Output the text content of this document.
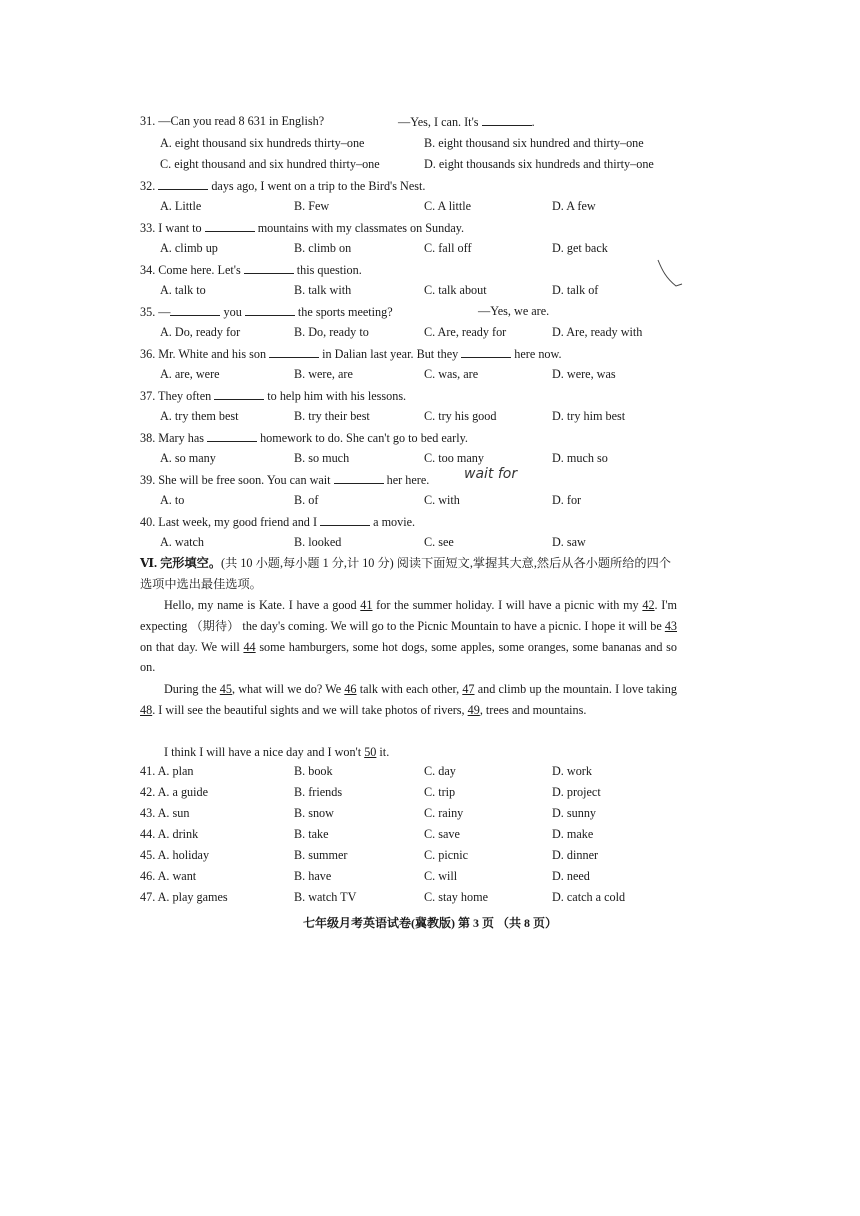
31. —Can you read 8 631 in English?	—Yes, I can. It's	.
A. eight thousand six hundreds thirty–one	B. eight thousand six hundred and thirty–one
C. eight thousand and six hundred thirty–one	D. eight thousands six hundreds and thirty–one
32.	days ago, I went on a trip to the Bird's Nest.
A. Little	B. Few	C. A little	D. A few
33. I want to	mountains with my classmates on Sunday.
A. climb up	B. climb on	C. fall off	D. get back
34. Come here. Let's	this question.
A. talk to	B. talk with	C. talk about	D. talk of
35. —	you	the sports meeting?	—Yes, we are.
A. Do, ready for	B. Do, ready to	C. Are, ready for	D. Are, ready with
36. Mr. White and his son	in Dalian last year. But they	here now.
A. are, were	B. were, are	C. was, are	D. were, was
37. They often	to help him with his lessons.
A. try them best	B. try their best	C. try his good	D. try him best
38. Mary has	homework to do. She can't go to bed early.
A. so many	B. so much	C. too many	D. much so
39. She will be free soon. You can wait	her here. wait for
A. to	B. of	C. with	D. for
40. Last week, my good friend and I	a movie.
A. watch	B. looked	C. see	D. saw
Ⅵ. 完形填空。(共 10 小题,每小题 1 分,计 10 分) 阅读下面短文,掌握其大意,然后从各小题所给的四个选项中选出最佳选项。
Hello, my name is Kate. I have a good 41 for the summer holiday. I will have a picnic with my 42. I'm expecting （期待） the day's coming. We will go to the Picnic Mountain to have a picnic. I hope it will be 43 on that day. We will 44 some hamburgers, some hot dogs, some apples, some oranges, some bananas and so on.
During the 45, what will we do? We 46 talk with each other, 47 and climb up the mountain. I love taking 48. I will see the beautiful sights and we will take photos of rivers, 49, trees and mountains.
I think I will have a nice day and I won't 50 it.
41. A. plan	B. book	C. day	D. work
42. A. a guide	B. friends	C. trip	D. project
43. A. sun	B. snow	C. rainy	D. sunny
44. A. drink	B. take	C. save	D. make
45. A. holiday	B. summer	C. picnic	D. dinner
46. A. want	B. have	C. will	D. need
47. A. play games	B. watch TV	C. stay home	D. catch a cold
七年级月考英语试卷(冀教版) 第 3 页 （共 8 页）
